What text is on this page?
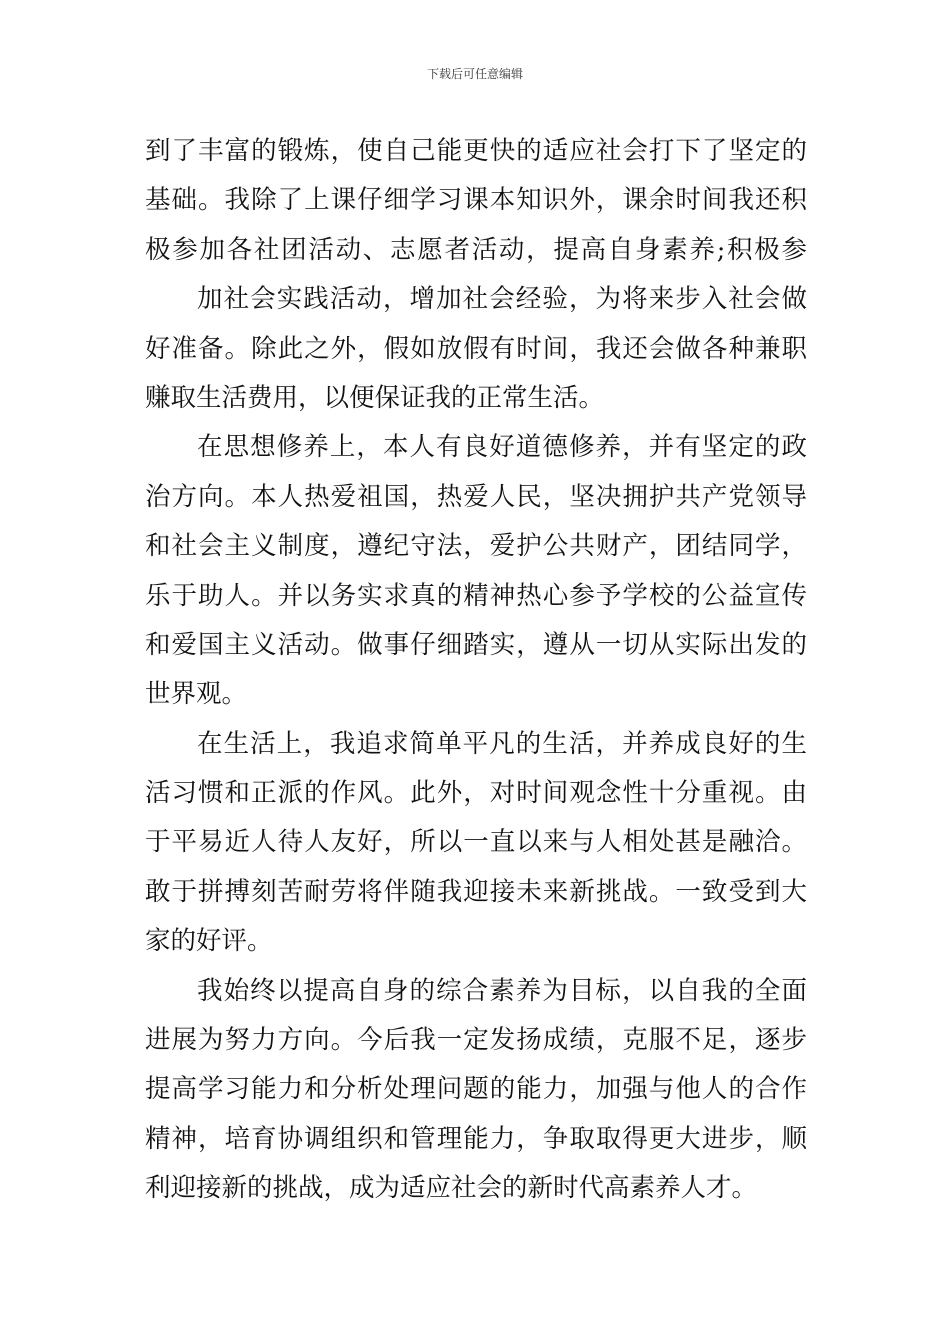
下载后可任意编辑
到了丰富的锻炼，使自己能更快的适应社会打下了坚定的
基础。我除了上课仔细学习课本知识外，课余时间我还积
极参加各社团活动、志愿者活动，提高自身素养;积极参
加社会实践活动，增加社会经验，为将来步入社会做
好准备。除此之外，假如放假有时间，我还会做各种兼职
赚取生活费用，以便保证我的正常生活。
在思想修养上，本人有良好道德修养，并有坚定的政
治方向。本人热爱祖国，热爱人民，坚决拥护共产党领导
和社会主义制度，遵纪守法，爱护公共财产，团结同学，
乐于助人。并以务实求真的精神热心参予学校的公益宣传
和爱国主义活动。做事仔细踏实，遵从一切从实际出发的
世界观。
在生活上，我追求简单平凡的生活，并养成良好的生
活习惯和正派的作风。此外，对时间观念性十分重视。由
于平易近人待人友好，所以一直以来与人相处甚是融洽。
敢于拼搏刻苦耐劳将伴随我迎接未来新挑战。一致受到大
家的好评。
我始终以提高自身的综合素养为目标，以自我的全面
进展为努力方向。今后我一定发扬成绩，克服不足，逐步
提高学习能力和分析处理问题的能力，加强与他人的合作
精神，培育协调组织和管理能力，争取取得更大进步，顺
利迎接新的挑战，成为适应社会的新时代高素养人才。
